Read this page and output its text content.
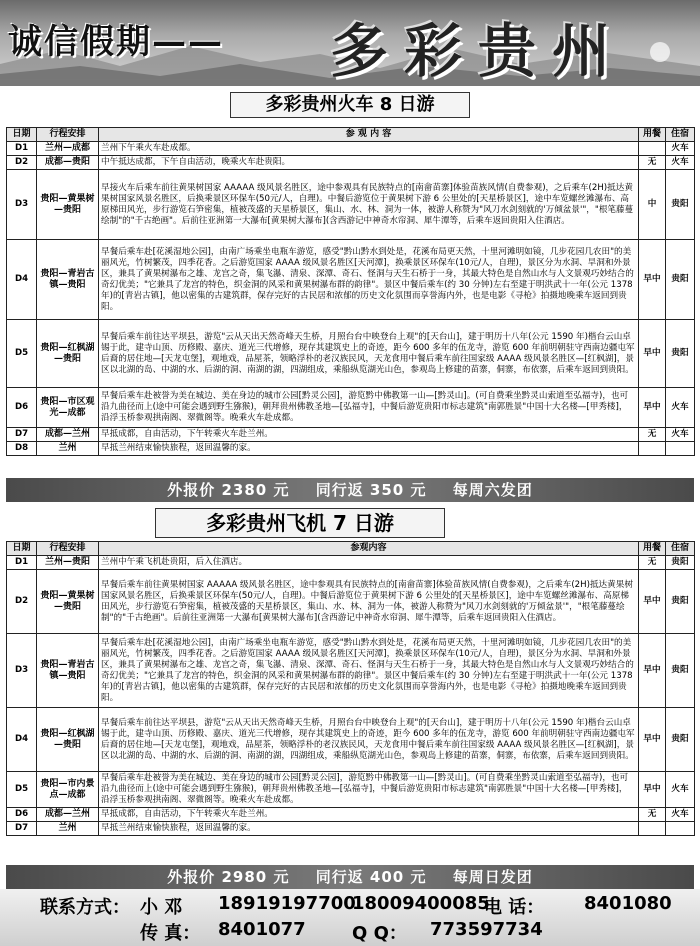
诚信假期—— 多彩贵州
多彩贵州火车 8 日游
日期	行程安排	参 观 内 容	用餐	住宿
D1	兰州—成都	兰州下午乘火车赴成都。		火车
D2	成都—贵阳	中午抵达成都，下午自由活动，晚乘火车赴贵阳。	无	火车
D3	贵阳—黄果树—贵阳	早接火车后乘车前往黄果树国家 AAAAA 级风景名胜区，途中参观具有民族特点的[南畲苗寨]体验苗族风情(自费参观)，之后乘车(2H)抵达黄果树国家风景名胜区，后换乘景区环保车(50元/人，自理)。中餐后游览位于黄果树下游 6 公里处的[天星桥景区]，途中车览螺丝滩瀑布、高原梯田风光，步行游览石笋密集，植被茂盛的天星桥景区，集山、水、林、洞为一体，被游人称赞为"风刀水剑刻就的'万倾盆景'"，"根笔藤蔓绘制"的"千古绝画"。后前往亚洲第一大瀑布[黄果树大瀑布](含西游记中神奇水帘洞、犀牛潭等，后乘车返回贵阳入住酒店。	中	贵阳
D4	贵阳—青岩古镇—贵阳	早餐后乘车赴[花溪湿地公园]，由南广场乘坐电瓶车游览，感受"黔山黔水到处是，花溪布局更天然，十里河滩明如镜，几步花园几农田"的美丽风光，竹树繁茂，四季花香。之后游览国家 AAAA 级风景名胜区[天河潭]，换乘景区环保车(10元/人，自理)，景区分为水洞、旱洞和外景区，兼具了黄果树瀑布之雄、龙宫之奇，集飞瀑、清泉、深潭、奇石、怪洞与天生石桥于一身，其最大特色是自然山水与人文景观巧妙结合的奇幻优美；"它兼具了龙宫的特色，织金洞的风采和黄果树瀑布群的韵律"。景区中餐后乘车(约 30 分钟)左右至建于明洪武十一年(公元 1378 年)的[青岩古镇]，他以密集的古建筑群，保存完好的古民居和浓郁的历史文化氛围而享誉海内外，也是电影《寻枪》拍摄地晚乘车返回到贵阳。	早中	贵阳
D5	贵阳—红枫湖—贵阳	早餐后乘车前往达平坝县，游览"云从天出天然奇峰天生桥，月照台台中映登台上观"的[天台山]，建于明历十八年(公元 1590 年)楷台云山卓锡于此，建寺山顶、历修殿、嘉庆、道光三代增修，现存其建筑史上的奇迹，距今 600 多年的伍龙寺，游览 600 年前明朝驻守西南边疆屯军后裔的居住地—[天龙屯堡]，观地戏，品屋茶，领略浮朴的老汉族民风，天龙食用中餐后乘车前往国家级 AAAA 级风景名胜区—[红枫湖]，景区以北湖的岛、中湖的水、后湖的洞、南湖的湖，四湖组成，乘船纵览湖光山色，参观岛上修建的苗寨，侗寨，布依寨，后乘车返回到贵阳。	早中	贵阳
D6	贵阳—市区观光—成都	早餐后乘车赴被誉为美在城边、美在身边的城市公园[黔灵公园]，游览黔中佛教第一山—[黔灵山]。(可自费乘坐黔灵山索道至弘福寺)，也可沿九曲径而上(途中可能会遇到野生猕猴)，朝拜贵州佛教圣地—[弘福寺]，中餐后游览贵阳市标志建筑"南郭胜景"中国十大名楼—[甲秀楼]，沿浮玉桥参观拱南阁、翠微阁等。晚乘火车赴成都。	早中	火车
D7	成都—兰州	早抵成都，自由活动，下午转乘火车赴兰州。	无	火车
D8	兰州	早抵兰州结束愉快旅程，返回温馨的家。		
外报价 2380 元 同行返 350 元 每周六发团
多彩贵州飞机 7 日游
日期	行程安排	参观内容	用餐	住宿
D1	兰州—贵阳	兰州中午乘飞机赴贵阳，后入住酒店。	无	贵阳
D2	贵阳—黄果树—贵阳	早餐后乘车前往黄果树国家 AAAAA 级风景名胜区，途中参观具有民族特点的[南畲苗寨]体验苗族风情(自费参观)，之后乘车(2H)抵达黄果树国家风景名胜区，后换乘景区环保车(50元/人，自理)。中餐后游览位于黄果树下游 6 公里处的[天星桥景区]，途中车览螺丝滩瀑布、高原梯田风光，步行游览石笋密集，植被茂盛的天星桥景区，集山、水、林、洞为一体，被游人称赞为"风刀水剑刻就的'万倾盆景'"，"根笔藤蔓绘制"的"千古绝画"。后前往亚洲第一大瀑布[黄果树大瀑布](含西游记中神奇水帘洞、犀牛潭等，后乘车返回贵阳入住酒店。	早中	贵阳
D3	贵阳—青岩古镇—贵阳	早餐后乘车赴[花溪湿地公园]，由南广场乘坐电瓶车游览，感受"黔山黔水到处是，花溪布局更天然，十里河滩明如镜，几步花园几农田"的美丽风光，竹树繁茂，四季花香。之后游览国家 AAAA 级风景名胜区[天河潭]，换乘景区环保车(10元/人，自理)，景区分为水洞、旱洞和外景区，兼具了黄果树瀑布之雄、龙宫之奇，集飞瀑、清泉、深潭、奇石、怪洞与天生石桥于一身，其最大特色是自然山水与人文景观巧妙结合的奇幻优美；"它兼具了龙宫的特色，织金洞的风采和黄果树瀑布群的韵律"。景区中餐后乘车(约 30 分钟)左右至建于明洪武十一年(公元 1378 年)的[青岩古镇]，他以密集的古建筑群，保存完好的古民居和浓郁的历史文化氛围而享誉海内外，也是电影《寻枪》拍摄地晚乘车返回到贵阳。	早中	贵阳
D4	贵阳—红枫湖—贵阳	早餐后乘车前往达平坝县，游览"云从天出天然奇峰天生桥，月照台台中映登台上观"的[天台山]，建于明历十八年(公元 1590 年)楷台云山卓锡于此，建寺山顶、历修殿、嘉庆、道光三代增修，现存其建筑史上的奇迹，距今 600 多年的伍龙寺，游览 600 年前明朝驻守西南边疆屯军后裔的居住地—[天龙屯堡]，观地戏，品屋茶，领略浮朴的老汉族民风，天龙食用中餐后乘车前往国家级 AAAA 级风景名胜区—[红枫湖]，景区以北湖的岛、中湖的水、后湖的洞、南湖的湖，四湖组成，乘船纵览湖光山色，参观岛上修建的苗寨，侗寨，布依寨，后乘车返回到贵阳。	早中	贵阳
D5	贵阳—市内景点—成都	早餐后乘车赴被誉为美在城边、美在身边的城市公园[黔灵公园]，游览黔中佛教第一山—[黔灵山]。(可自费乘坐黔灵山索道至弘福寺)，也可沿九曲径而上(途中可能会遇到野生猕猴)，朝拜贵州佛教圣地—[弘福寺]，中餐后游览贵阳市标志建筑"南郭胜景"中国十大名楼—[甲秀楼]，沿浮玉桥参观拱南阁、翠微阁等。晚乘火车赴成都。	早中	火车
D6	成都—兰州	早抵成都，自由活动，下午转乘火车赴兰州。	无	火车
D7	兰州	早抵兰州结束愉快旅程，返回温馨的家。		
外报价 2980 元 同行返 400 元 每周日发团
联系方式： 小 邓 18919197700
18009400085
电 话： 8401080
传 真： 8401077	Q Q： 773597734
